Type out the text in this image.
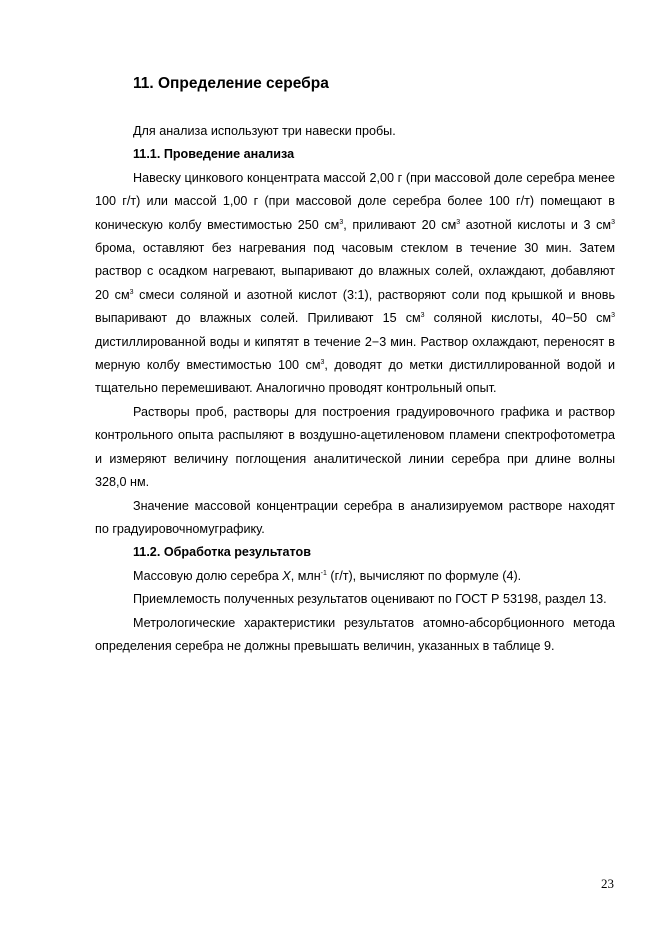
11. Определение серебра

Для анализа используют три навески пробы.

11.1. Проведение анализа

Навеску цинкового концентрата массой 2,00 г (при массовой доле серебра менее 100 г/т) или массой 1,00 г (при массовой доле серебра более 100 г/т) помещают в коническую колбу вместимостью 250 $см^3$, приливают 20 $см^3$ азотной кислоты и 3 $см^3$ брома, оставляют без нагревания под часовым стеклом в течение 30 мин. Затем раствор с осадком нагревают, выпаривают до влажных солей, охлаждают, добавляют 20 $см^3$ смеси соляной и азотной кислот (3:1), растворяют соли под крышкой и вновь выпаривают до влажных солей. Приливают 15 $см^3$ соляной кислоты, 40−50 $см^3$ дистиллированной воды и кипятят в течение 2−3 мин. Раствор охлаждают, переносят в мерную колбу вместимостью 100 $см^3$, доводят до метки дистиллированной водой и тщательно перемешивают. Аналогично проводят контрольный опыт.

Растворы проб, растворы для построения градуировочного графика и раствор контрольного опыта распыляют в воздушно-ацетиленовом пламени спектрофотометра и измеряют величину поглощения аналитической линии серебра при длине волны 328,0 нм.

Значение массовой концентрации серебра в анализируемом растворе находят по градуировочномуграфику.

11.2. Обработка результатов

Массовую долю серебра X, млн$^{-1}$ (г/т), вычисляют по формуле (4).

Приемлемость полученных результатов оценивают по ГОСТ Р 53198, раздел 13.

Метрологические характеристики результатов атомно-абсорбционного метода определения серебра не должны превышать величин, указанных в таблице 9.

23
